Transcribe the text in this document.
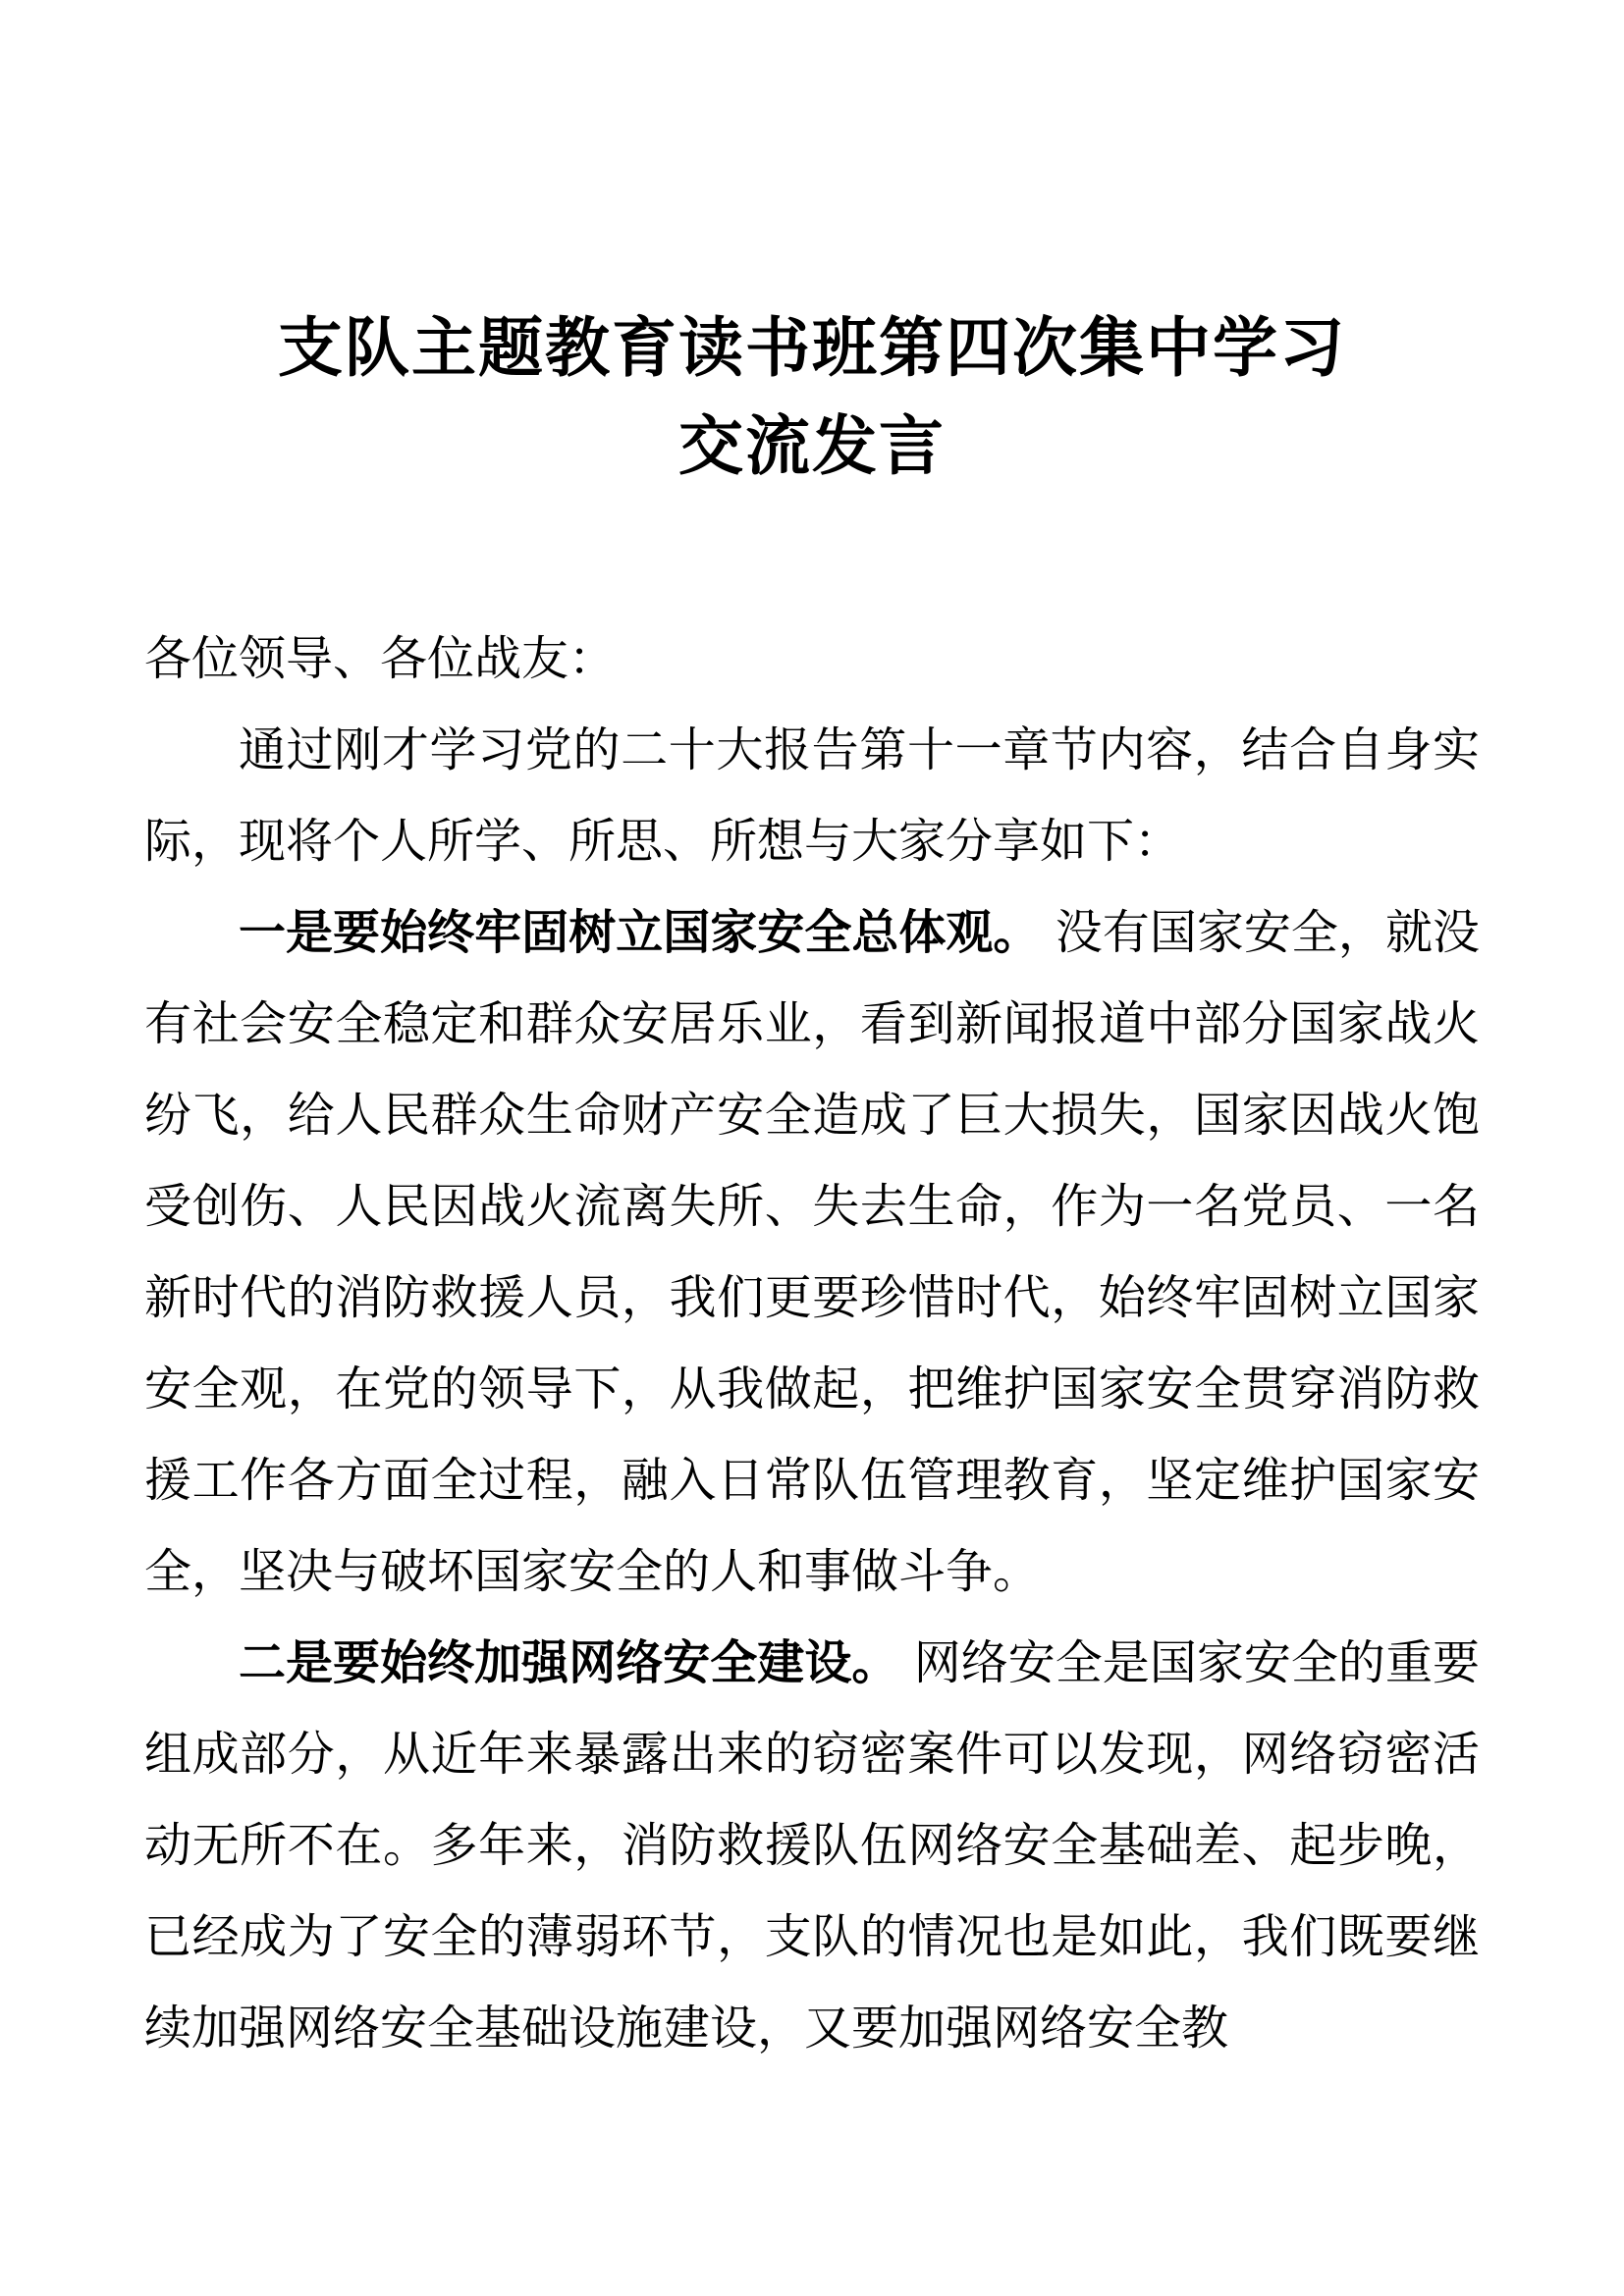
支队主题教育读书班第四次集中学习
交流发言

各位领导、各位战友：

通过刚才学习党的二十大报告第十一章节内容，结合自身实际，现将个人所学、所思、所想与大家分享如下：

一是要始终牢固树立国家安全总体观。 没有国家安全，就没有社会安全稳定和群众安居乐业，看到新闻报道中部分国家战火纷飞，给人民群众生命财产安全造成了巨大损失，国家因战火饱受创伤、人民因战火流离失所、失去生命，作为一名党员、一名新时代的消防救援人员，我们更要珍惜时代，始终牢固树立国家安全观，在党的领导下，从我做起，把维护国家安全贯穿消防救援工作各方面全过程，融入日常队伍管理教育，坚定维护国家安全，坚决与破坏国家安全的人和事做斗争。

二是要始终加强网络安全建设。 网络安全是国家安全的重要组成部分，从近年来暴露出来的窃密案件可以发现，网络窃密活动无所不在。多年来，消防救援队伍网络安全基础差、起步晚，已经成为了安全的薄弱环节，支队的情况也是如此，我们既要继续加强网络安全基础设施建设，又要加强网络安全教
